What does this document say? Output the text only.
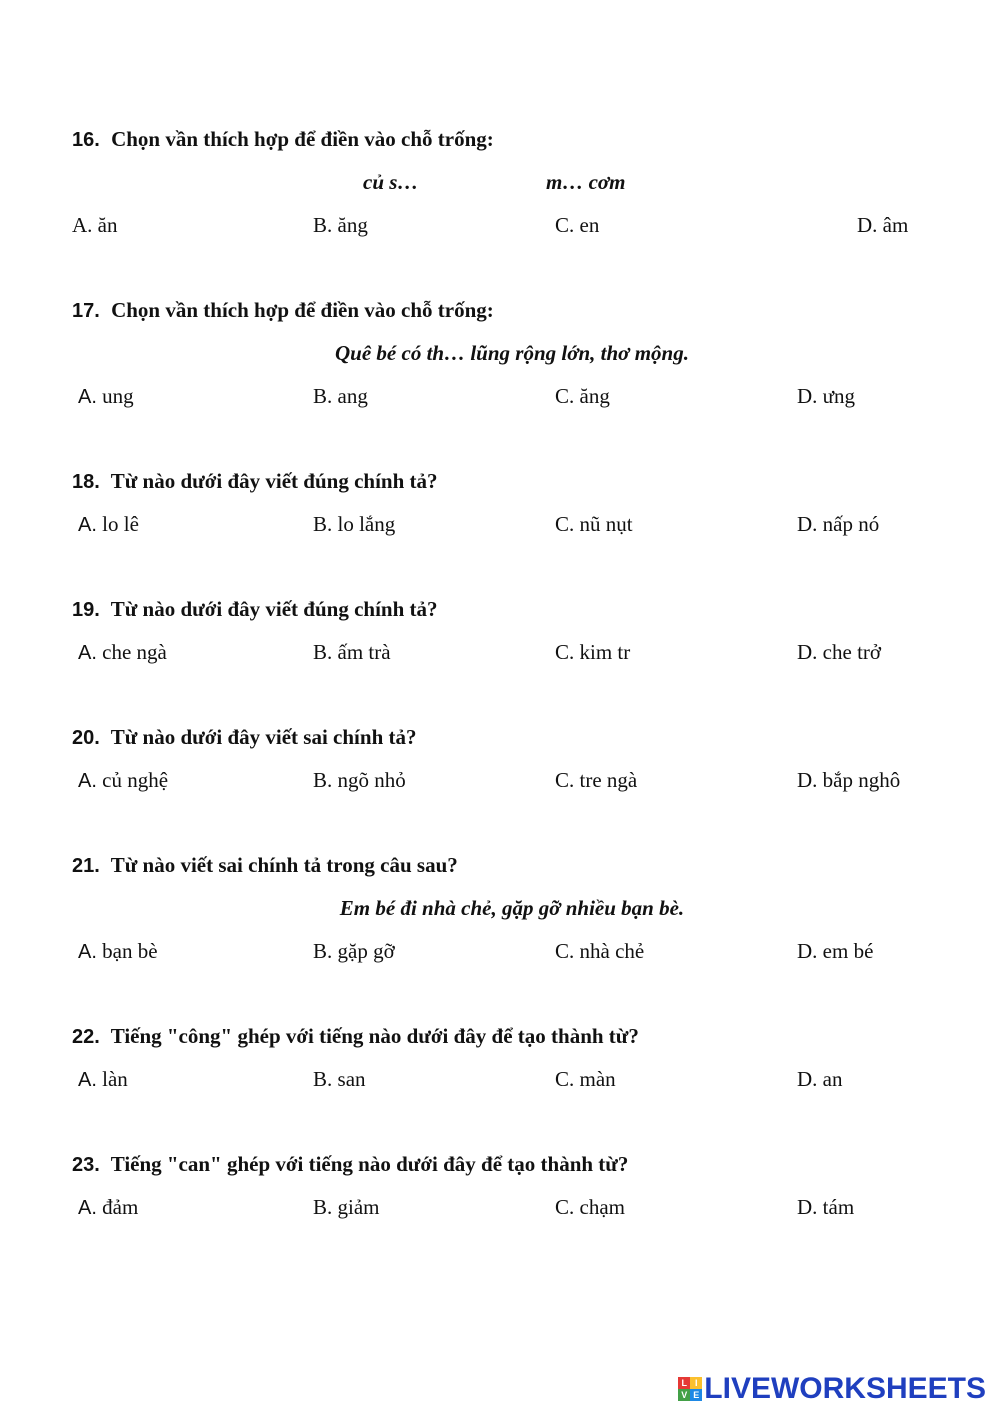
16. Chọn vần thích hợp để điền vào chỗ trống:
củ s…	m… cơm
A. ăn	B. ăng	C. en	D. âm
17. Chọn vần thích hợp để điền vào chỗ trống:
Quê bé có th… lũng rộng lớn, thơ mộng.
A. ung	B. ang	C. ăng	D. ưng
18. Từ nào dưới đây viết đúng chính tả?
A. lo lê	B. lo lắng	C. nũ nụt	D. nấp nó
19. Từ nào dưới đây viết đúng chính tả?
A. che ngà	B. ấm trà	C. kim tr	D. che trở
20. Từ nào dưới đây viết sai chính tả?
A. củ nghệ	B. ngõ nhỏ	C. tre ngà	D. bắp nghô
21. Từ nào viết sai chính tả trong câu sau?
Em bé đi nhà chẻ, gặp gỡ nhiều bạn bè.
A. bạn bè	B. gặp gỡ	C. nhà chẻ	D. em bé
22. Tiếng "công" ghép với tiếng nào dưới đây để tạo thành từ?
A. làn	B. san	C. màn	D. an
23. Tiếng "can" ghép với tiếng nào dưới đây để tạo thành từ?
A. đảm	B. giảm	C. chạm	D. tám
L I
V E LIVEWORKSHEETS
